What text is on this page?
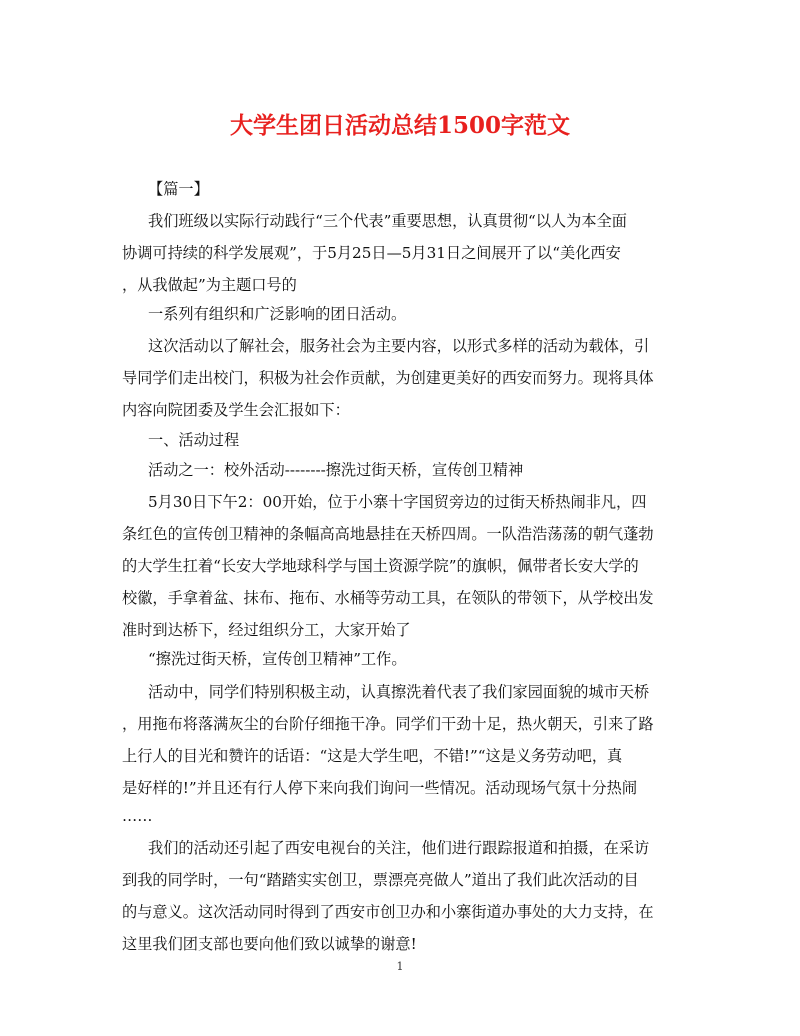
大学生团日活动总结1500字范文
【篇一】
我们班级以实际行动践行“三个代表”重要思想，认真贯彻“以人为本全面
协调可持续的科学发展观”，于5月25日—5月31日之间展开了以“美化西安
，从我做起”为主题口号的
一系列有组织和广泛影响的团日活动。
这次活动以了解社会，服务社会为主要内容，以形式多样的活动为载体，引
导同学们走出校门，积极为社会作贡献，为创建更美好的西安而努力。现将具体
内容向院团委及学生会汇报如下：
一、活动过程
活动之一：校外活动--------擦洗过街天桥，宣传创卫精神
5月30日下午2：00开始，位于小寨十字国贸旁边的过街天桥热闹非凡，四
条红色的宣传创卫精神的条幅高高地悬挂在天桥四周。一队浩浩荡荡的朝气蓬勃
的大学生扛着“长安大学地球科学与国土资源学院”的旗帜，佩带者长安大学的
校徽，手拿着盆、抹布、拖布、水桶等劳动工具，在领队的带领下，从学校出发
准时到达桥下，经过组织分工，大家开始了
“擦洗过街天桥，宣传创卫精神”工作。
活动中，同学们特别积极主动，认真擦洗着代表了我们家园面貌的城市天桥
，用拖布将落满灰尘的台阶仔细拖干净。同学们干劲十足，热火朝天，引来了路
上行人的目光和赞许的话语：“这是大学生吧，不错!”“这是义务劳动吧，真
是好样的!”并且还有行人停下来向我们询问一些情况。活动现场气氛十分热闹
……
我们的活动还引起了西安电视台的关注，他们进行跟踪报道和拍摄，在采访
到我的同学时，一句“踏踏实实创卫，票漂亮亮做人”道出了我们此次活动的目
的与意义。这次活动同时得到了西安市创卫办和小寨街道办事处的大力支持，在
这里我们团支部也要向他们致以诚挚的谢意!
1
